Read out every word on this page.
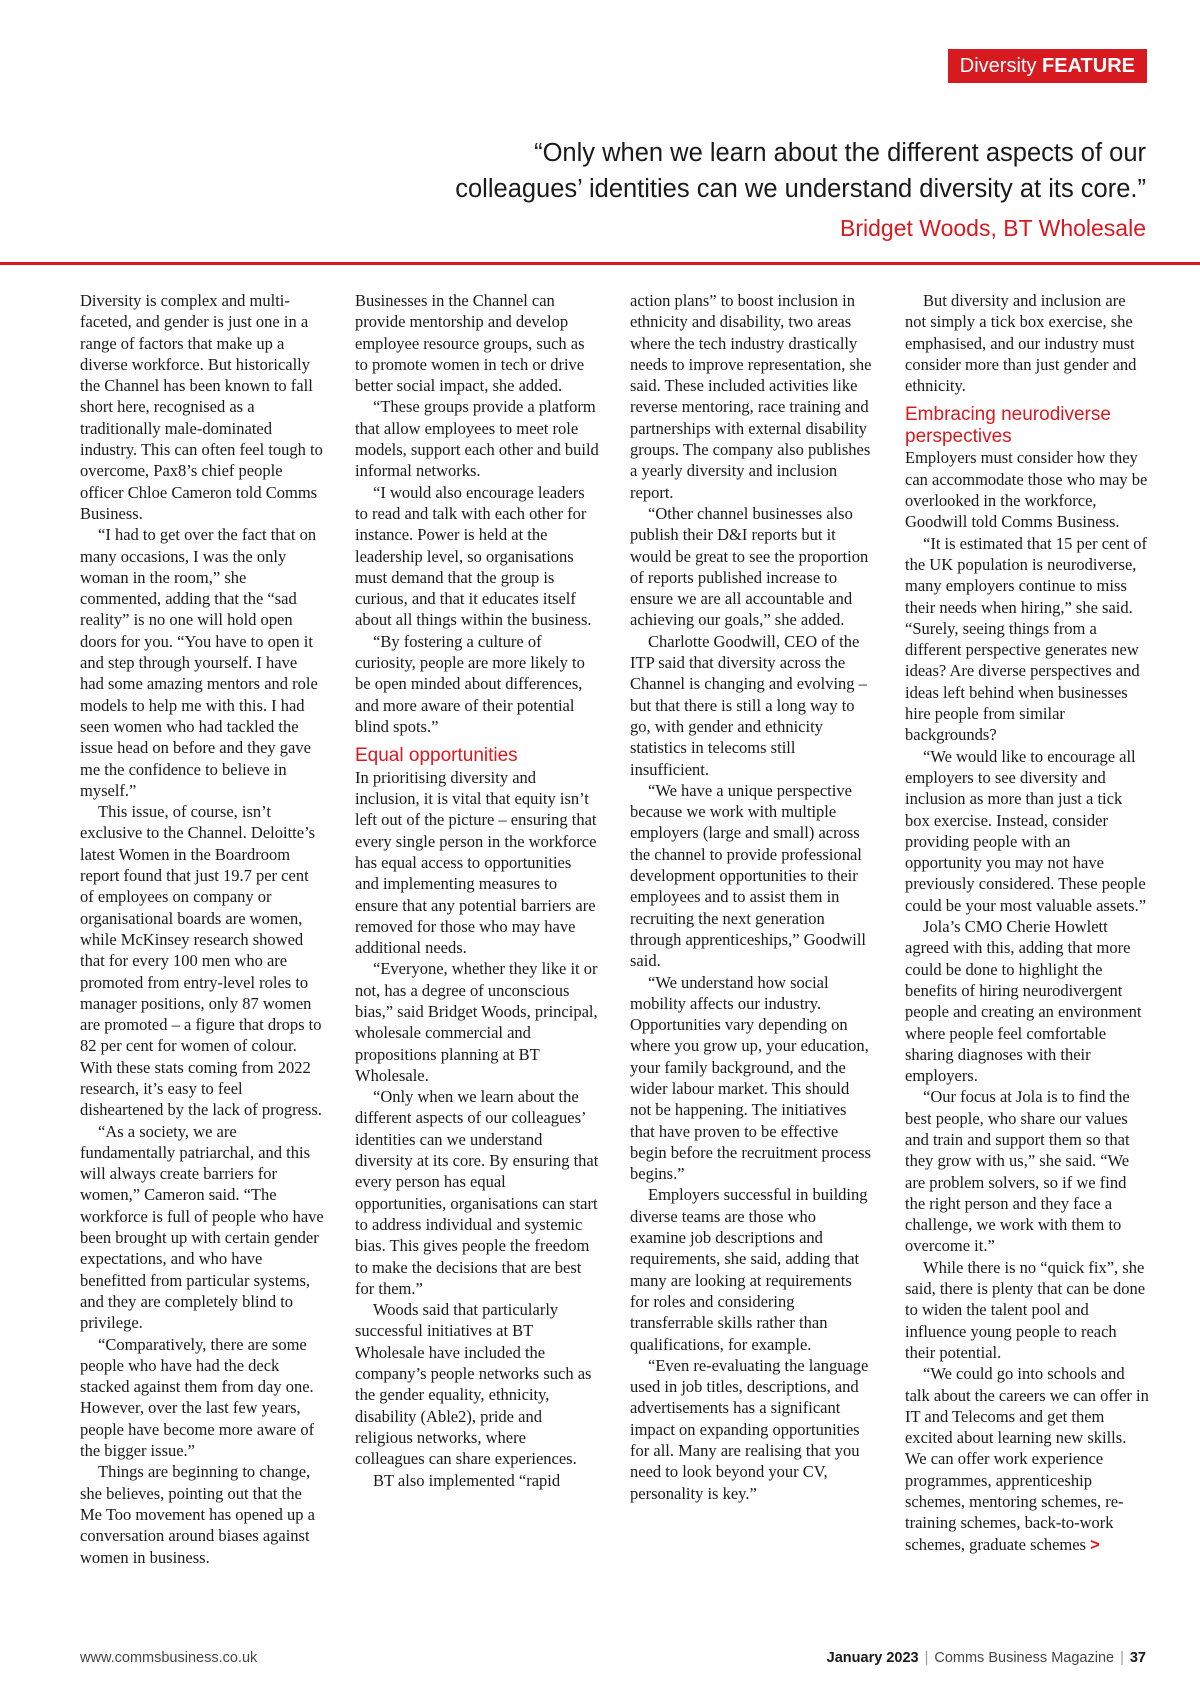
Diversity FEATURE
“Only when we learn about the different aspects of our colleagues’ identities can we understand diversity at its core.”
Bridget Woods, BT Wholesale

Diversity is complex and multi-faceted, and gender is just one in a range of factors that make up a diverse workforce. But historically the Channel has been known to fall short here, recognised as a traditionally male-dominated industry. This can often feel tough to overcome, Pax8’s chief people officer Chloe Cameron told Comms Business.

“I had to get over the fact that on many occasions, I was the only woman in the room,” she commented, adding that the “sad reality” is no one will hold open doors for you. “You have to open it and step through yourself. I have had some amazing mentors and role models to help me with this. I had seen women who had tackled the issue head on before and they gave me the confidence to believe in myself.”

This issue, of course, isn’t exclusive to the Channel. Deloitte’s latest Women in the Boardroom report found that just 19.7 per cent of employees on company or organisational boards are women, while McKinsey research showed that for every 100 men who are promoted from entry-level roles to manager positions, only 87 women are promoted – a figure that drops to 82 per cent for women of colour. With these stats coming from 2022 research, it’s easy to feel disheartened by the lack of progress.

“As a society, we are fundamentally patriarchal, and this will always create barriers for women,” Cameron said. “The workforce is full of people who have been brought up with certain gender expectations, and who have benefitted from particular systems, and they are completely blind to privilege.

“Comparatively, there are some people who have had the deck stacked against them from day one. However, over the last few years, people have become more aware of the bigger issue.”

Things are beginning to change, she believes, pointing out that the Me Too movement has opened up a conversation around biases against women in business.

Businesses in the Channel can provide mentorship and develop employee resource groups, such as to promote women in tech or drive better social impact, she added.

“These groups provide a platform that allow employees to meet role models, support each other and build informal networks.

“I would also encourage leaders to read and talk with each other for instance. Power is held at the leadership level, so organisations must demand that the group is curious, and that it educates itself about all things within the business.

“By fostering a culture of curiosity, people are more likely to be open minded about differences, and more aware of their potential blind spots.”

Equal opportunities

In prioritising diversity and inclusion, it is vital that equity isn’t left out of the picture – ensuring that every single person in the workforce has equal access to opportunities and implementing measures to ensure that any potential barriers are removed for those who may have additional needs.

“Everyone, whether they like it or not, has a degree of unconscious bias,” said Bridget Woods, principal, wholesale commercial and propositions planning at BT Wholesale.

“Only when we learn about the different aspects of our colleagues’ identities can we understand diversity at its core. By ensuring that every person has equal opportunities, organisations can start to address individual and systemic bias. This gives people the freedom to make the decisions that are best for them.”

Woods said that particularly successful initiatives at BT Wholesale have included the company’s people networks such as the gender equality, ethnicity, disability (Able2), pride and religious networks, where colleagues can share experiences.

BT also implemented “rapid

action plans” to boost inclusion in ethnicity and disability, two areas where the tech industry drastically needs to improve representation, she said. These included activities like reverse mentoring, race training and partnerships with external disability groups. The company also publishes a yearly diversity and inclusion report.

“Other channel businesses also publish their D&I reports but it would be great to see the proportion of reports published increase to ensure we are all accountable and achieving our goals,” she added.

Charlotte Goodwill, CEO of the ITP said that diversity across the Channel is changing and evolving – but that there is still a long way to go, with gender and ethnicity statistics in telecoms still insufficient.

“We have a unique perspective because we work with multiple employers (large and small) across the channel to provide professional development opportunities to their employees and to assist them in recruiting the next generation through apprenticeships,” Goodwill said.

“We understand how social mobility affects our industry. Opportunities vary depending on where you grow up, your education, your family background, and the wider labour market. This should not be happening. The initiatives that have proven to be effective begin before the recruitment process begins.”

Employers successful in building diverse teams are those who examine job descriptions and requirements, she said, adding that many are looking at requirements for roles and considering transferrable skills rather than qualifications, for example.

“Even re-evaluating the language used in job titles, descriptions, and advertisements has a significant impact on expanding opportunities for all. Many are realising that you need to look beyond your CV, personality is key.”

But diversity and inclusion are not simply a tick box exercise, she emphasised, and our industry must consider more than just gender and ethnicity.

Embracing neurodiverse perspectives

Employers must consider how they can accommodate those who may be overlooked in the workforce, Goodwill told Comms Business.

“It is estimated that 15 per cent of the UK population is neurodiverse, many employers continue to miss their needs when hiring,” she said. “Surely, seeing things from a different perspective generates new ideas? Are diverse perspectives and ideas left behind when businesses hire people from similar backgrounds?

“We would like to encourage all employers to see diversity and inclusion as more than just a tick box exercise. Instead, consider providing people with an opportunity you may not have previously considered. These people could be your most valuable assets.”

Jola’s CMO Cherie Howlett agreed with this, adding that more could be done to highlight the benefits of hiring neurodivergent people and creating an environment where people feel comfortable sharing diagnoses with their employers.

“Our focus at Jola is to find the best people, who share our values and train and support them so that they grow with us,” she said. “We are problem solvers, so if we find the right person and they face a challenge, we work with them to overcome it.”

While there is no “quick fix”, she said, there is plenty that can be done to widen the talent pool and influence young people to reach their potential.

“We could go into schools and talk about the careers we can offer in IT and Telecoms and get them excited about learning new skills. We can offer work experience programmes, apprenticeship schemes, mentoring schemes, re-training schemes, back-to-work schemes, graduate schemes >

www.commsbusiness.co.uk	January 2023 | Comms Business Magazine | 37
